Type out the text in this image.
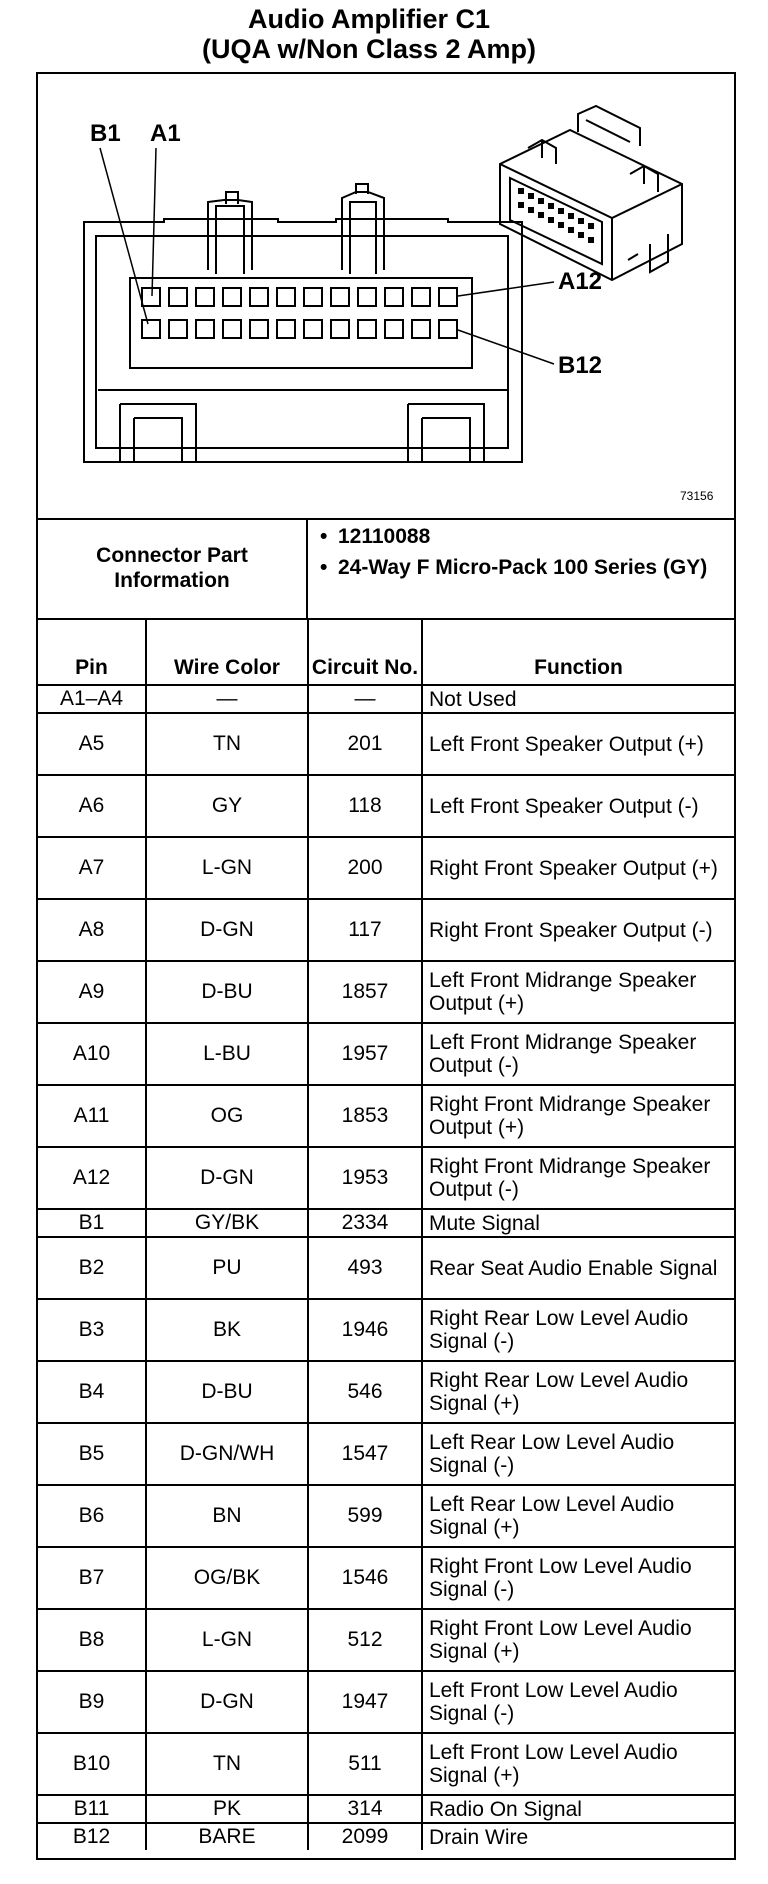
Audio Amplifier C1
(UQA w/Non Class 2 Amp)
B1 A1
A12
B12
73156
Connector Part Information
• 12110088
• 24-Way F Micro-Pack 100 Series (GY)
Pin	Wire Color	Circuit No.	Function
A1–A4	—	—	Not Used
A5	TN	201	Left Front Speaker Output (+)
A6	GY	118	Left Front Speaker Output (-)
A7	L-GN	200	Right Front Speaker Output (+)
A8	D-GN	117	Right Front Speaker Output (-)
A9	D-BU	1857	Left Front Midrange Speaker Output (+)
A10	L-BU	1957	Left Front Midrange Speaker Output (-)
A11	OG	1853	Right Front Midrange Speaker Output (+)
A12	D-GN	1953	Right Front Midrange Speaker Output (-)
B1	GY/BK	2334	Mute Signal
B2	PU	493	Rear Seat Audio Enable Signal
B3	BK	1946	Right Rear Low Level Audio Signal (-)
B4	D-BU	546	Right Rear Low Level Audio Signal (+)
B5	D-GN/WH	1547	Left Rear Low Level Audio Signal (-)
B6	BN	599	Left Rear Low Level Audio Signal (+)
B7	OG/BK	1546	Right Front Low Level Audio Signal (-)
B8	L-GN	512	Right Front Low Level Audio Signal (+)
B9	D-GN	1947	Left Front Low Level Audio Signal (-)
B10	TN	511	Left Front Low Level Audio Signal (+)
B11	PK	314	Radio On Signal
B12	BARE	2099	Drain Wire
